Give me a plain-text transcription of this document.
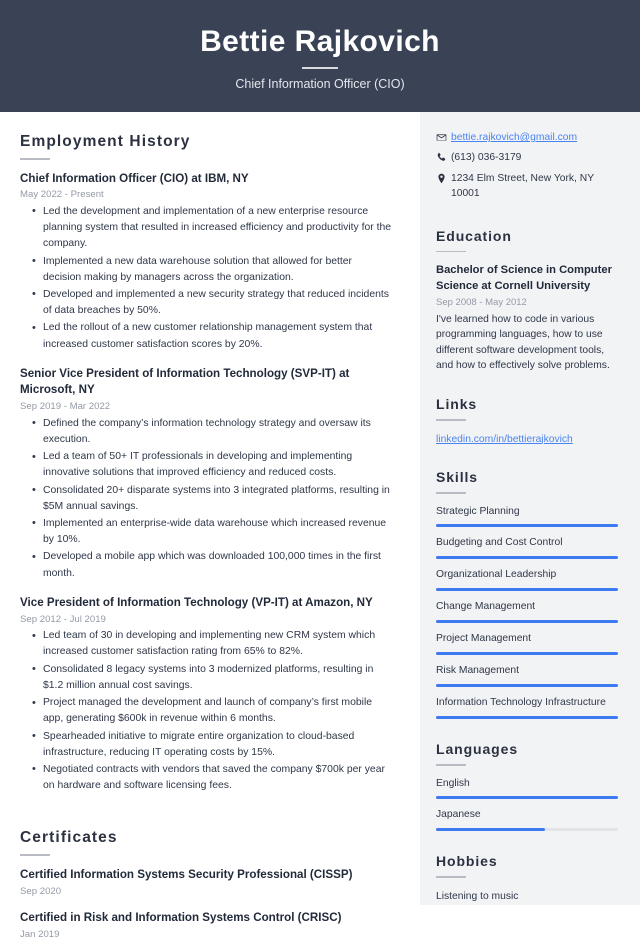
Bettie Rajkovich
Chief Information Officer (CIO)
Employment History
Chief Information Officer (CIO) at IBM, NY
May 2022 - Present
• Led the development and implementation of a new enterprise resource planning system that resulted in increased efficiency and productivity for the company.
• Implemented a new data warehouse solution that allowed for better decision making by managers across the organization.
• Developed and implemented a new security strategy that reduced incidents of data breaches by 50%.
• Led the rollout of a new customer relationship management system that increased customer satisfaction scores by 20%.
Senior Vice President of Information Technology (SVP-IT) at Microsoft, NY
Sep 2019 - Mar 2022
• Defined the company’s information technology strategy and oversaw its execution.
• Led a team of 50+ IT professionals in developing and implementing innovative solutions that improved efficiency and reduced costs.
• Consolidated 20+ disparate systems into 3 integrated platforms, resulting in $5M annual savings.
• Implemented an enterprise-wide data warehouse which increased revenue by 10%.
• Developed a mobile app which was downloaded 100,000 times in the first month.
Vice President of Information Technology (VP-IT) at Amazon, NY
Sep 2012 - Jul 2019
• Led team of 30 in developing and implementing new CRM system which increased customer satisfaction rating from 65% to 82%.
• Consolidated 8 legacy systems into 3 modernized platforms, resulting in $1.2 million annual cost savings.
• Project managed the development and launch of company’s first mobile app, generating $600k in revenue within 6 months.
• Spearheaded initiative to migrate entire organization to cloud-based infrastructure, reducing IT operating costs by 15%.
• Negotiated contracts with vendors that saved the company $700k per year on hardware and software licensing fees.
Certificates
Certified Information Systems Security Professional (CISSP)
Sep 2020
Certified in Risk and Information Systems Control (CRISC)
Jan 2019
bettie.rajkovich@gmail.com
(613) 036-3179
1234 Elm Street, New York, NY 10001
Education
Bachelor of Science in Computer Science at Cornell University
Sep 2008 - May 2012
I've learned how to code in various programming languages, how to use different software development tools, and how to effectively solve problems.
Links
linkedin.com/in/bettierajkovich
Skills
Strategic Planning
Budgeting and Cost Control
Organizational Leadership
Change Management
Project Management
Risk Management
Information Technology Infrastructure
Languages
English
Japanese
Hobbies
Listening to music
